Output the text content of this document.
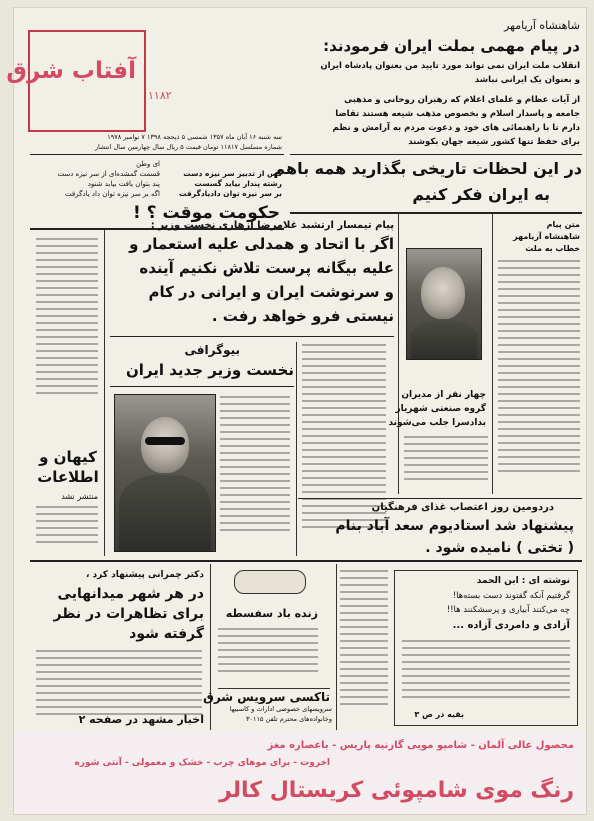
آفتاب شرق
۱۱۸۲
سه شنبه ۱۶ آبان ماه ۱۳۵۷ شمسی ۵ ذیحجه ۱۳۹۸ ۷ نوامبر ۱۹۷۸
شماره مسلسل ۱۱۸۱۷ تومان قیمت ۵ ریال سال چهارمین سال انتشار
ای وطن
قسمت گمشده‌ای از سر نیزه دست
پند بتوان یافت بیابد شنود
اگه بر سر نیزه توان داد یادگرفت
کس از تدبیر سر نیزه دست
رشته پندار بیاید گسست
بر سر نیزه توان دادیادگرفت
حکومت موقت ؟ !
شاهنشاه آریامهر
در پیام مهمی بملت ایران فرمودند:
انقلاب ملت ایران نمی تواند مورد تایید من بعنوان پادشاه ایران
و بعنوان یک ایرانی نباشد
از آیات عظام و علمای اعلام که رهبران روحانی و مذهبی
جامعه و پاسدار اسلام و بخصوص مذهب شیعه هستند تقاضا
دارم تا با راهنمائی های خود و دعوت مردم به آرامش و نظم
برای حفظ تنها کشور شیعه جهان بکوشند
در این لحظات تاریخی بگذارید همه باهم
به ایران فکر کنیم
پیام تیمسار ارتشبد غلامرضا ازهاری نخست وزیر :
اگر با اتحاد و همدلی علیه استعمار و
علیه بیگانه پرست تلاش نکنیم آینده
و سرنوشت ایران و ایرانی در کام
نیستی فرو خواهد رفت .
کیهان و اطلاعات
منتشر نشد
بیوگرافی
نخست وزیر جدید ایران
چهار نفر از مدیران
گروه صنعتی شهریار
بدادسرا جلب می‌شوند
متن پیام
شاهنشاه آریامهر
خطاب به ملت
دردومین روز اعتصاب غذای فرهنگیان
پیشنهاد شد استادیوم سعد آباد بنام
( تختی ) نامیده شود .
دکتر چمرانی پیشنهاد کرد ،
در هر شهر میدانهایی
برای تظاهرات در نظر
گرفته شود
اخبار مشهد در صفحه ۲
زنده باد سفسطه
تاکسی سرویس شرق
سرویسهای خصوصی ادارات و کاسبیها
وخانواده‌های محترم تلفن ۳۰۱۱۵
نوشته ای : ابن الحمد
گرفتیم آنکه گفتوند دست بسته‌ها!
چه می‌کنند آبیاری و پرسشکنند ها!!
آزادی و دامردی آزاده ...
بقیه در ص ۳
رنگ موی شامپوئی کریستال کالر
محصول عالی آلمان - شامپو مویی گارنیه پاریس - باعصاره مغز
اخروت - برای موهای چرب - خشک و معمولی - آنتی شوره
